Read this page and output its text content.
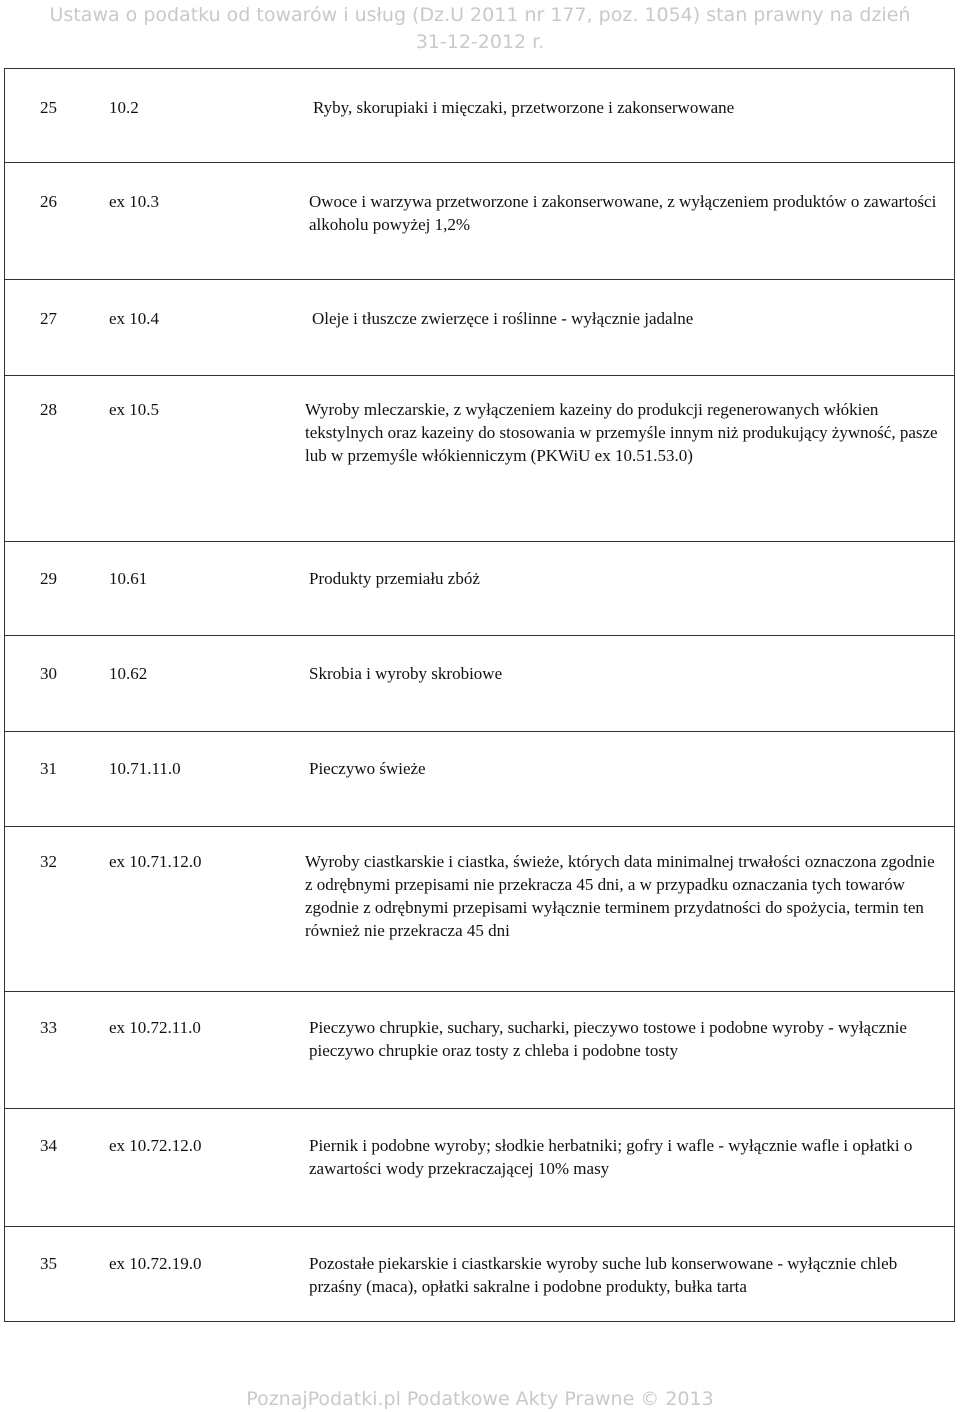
Ustawa o podatku od towarów i usług (Dz.U 2011 nr 177, poz. 1054) stan prawny na dzień
31-12-2012 r.
25	10.2	Ryby, skorupiaki i mięczaki, przetworzone i zakonserwowane
26	ex 10.3	Owoce i warzywa przetworzone i zakonserwowane, z wyłączeniem produktów o zawartości alkoholu powyżej 1,2%
27	ex 10.4	Oleje i tłuszcze zwierzęce i roślinne - wyłącznie jadalne
28	ex 10.5	Wyroby mleczarskie, z wyłączeniem kazeiny do produkcji regenerowanych włókien tekstylnych oraz kazeiny do stosowania w przemyśle innym niż produkujący żywność, pasze lub w przemyśle włókienniczym (PKWiU ex 10.51.53.0)
29	10.61	Produkty przemiału zbóż
30	10.62	Skrobia i wyroby skrobiowe
31	10.71.11.0	Pieczywo świeże
32	ex 10.71.12.0	Wyroby ciastkarskie i ciastka, świeże, których data minimalnej trwałości oznaczona zgodnie z odrębnymi przepisami nie przekracza 45 dni, a w przypadku oznaczania tych towarów zgodnie z odrębnymi przepisami wyłącznie terminem przydatności do spożycia, termin ten również nie przekracza 45 dni
33	ex 10.72.11.0	Pieczywo chrupkie, suchary, sucharki, pieczywo tostowe i podobne wyroby - wyłącznie pieczywo chrupkie oraz tosty z chleba i podobne tosty
34	ex 10.72.12.0	Piernik i podobne wyroby; słodkie herbatniki; gofry i wafle - wyłącznie wafle i opłatki o zawartości wody przekraczającej 10% masy
35	ex 10.72.19.0	Pozostałe piekarskie i ciastkarskie wyroby suche lub konserwowane - wyłącznie chleb przaśny (maca), opłatki sakralne i podobne produkty, bułka tarta
PoznajPodatki.pl Podatkowe Akty Prawne © 2013
